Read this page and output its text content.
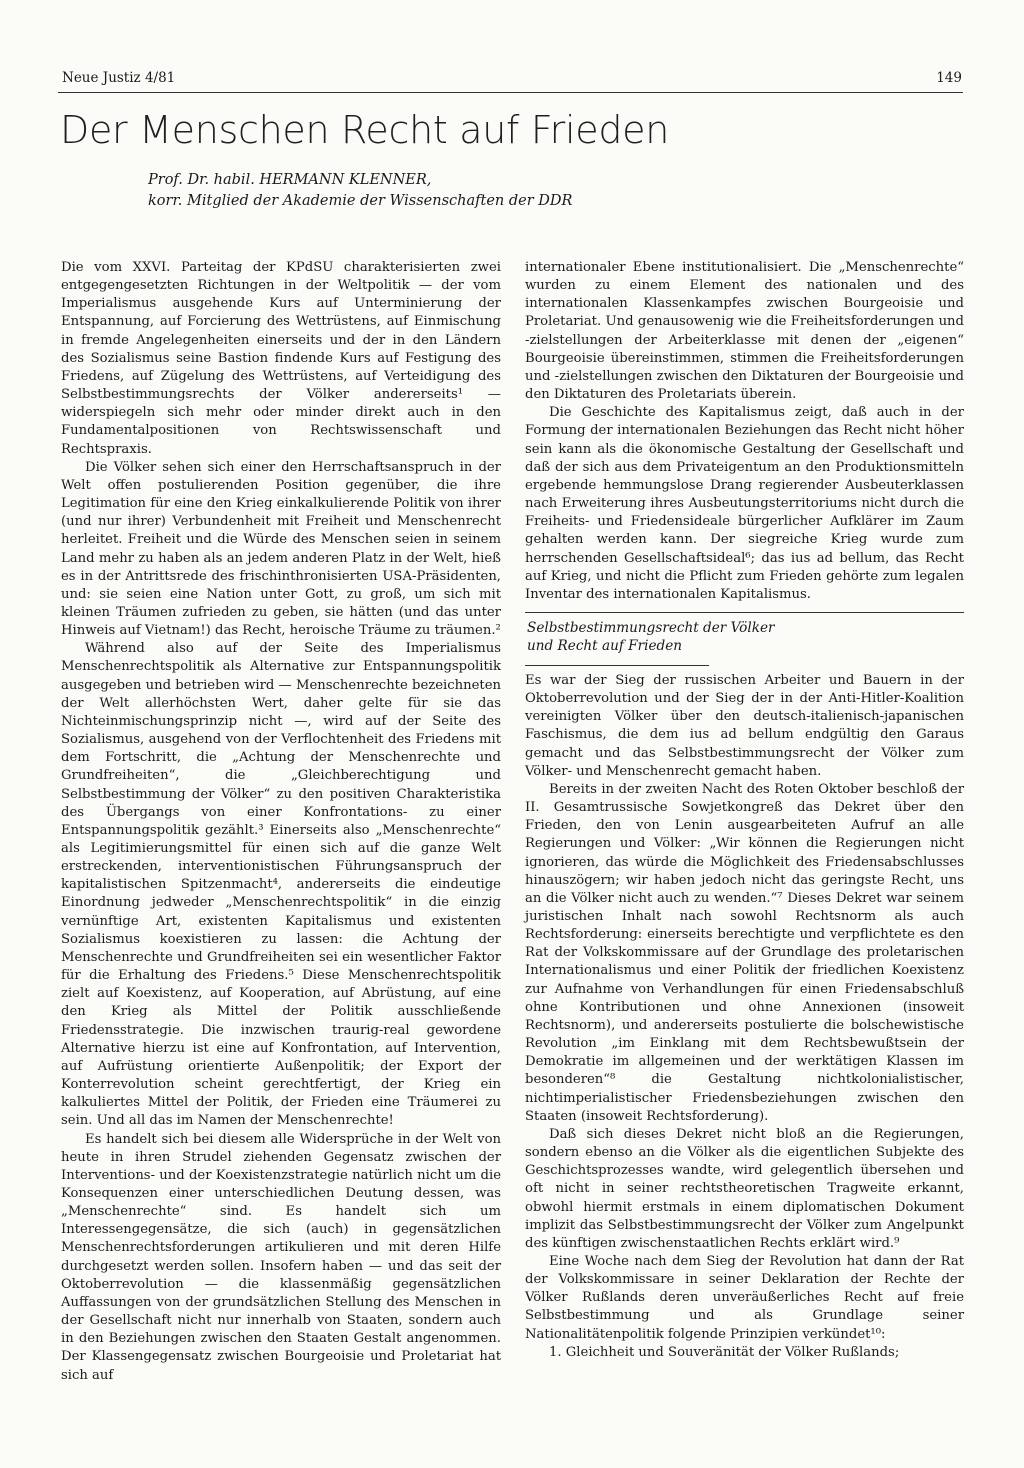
Neue Justiz 4/81	149
Der Menschen Recht auf Frieden
Prof. Dr. habil. HERMANN KLENNER,
korr. Mitglied der Akademie der Wissenschaften der DDR

Die vom XXVI. Parteitag der KPdSU charakterisierten zwei entgegengesetzten Richtungen in der Weltpolitik — der vom Imperialismus ausgehende Kurs auf Unterminierung der Entspannung, auf Forcierung des Wettrüstens, auf Einmischung in fremde Angelegenheiten einerseits und der in den Ländern des Sozialismus seine Bastion findende Kurs auf Festigung des Friedens, auf Zügelung des Wettrüstens, auf Verteidigung des Selbstbestimmungsrechts der Völker andererseits¹ — widerspiegeln sich mehr oder minder direkt auch in den Fundamentalpositionen von Rechtswissenschaft und Rechtspraxis.

Die Völker sehen sich einer den Herrschaftsanspruch in der Welt offen postulierenden Position gegenüber, die ihre Legitimation für eine den Krieg einkalkulierende Politik von ihrer (und nur ihrer) Verbundenheit mit Freiheit und Menschenrecht herleitet. Freiheit und die Würde des Menschen seien in seinem Land mehr zu haben als an jedem anderen Platz in der Welt, hieß es in der Antrittsrede des frischinthronisierten USA-Präsidenten, und: sie seien eine Nation unter Gott, zu groß, um sich mit kleinen Träumen zufrieden zu geben, sie hätten (und das unter Hinweis auf Vietnam!) das Recht, heroische Träume zu träumen.²

Während also auf der Seite des Imperialismus Menschenrechtspolitik als Alternative zur Entspannungspolitik ausgegeben und betrieben wird — Menschenrechte bezeichneten der Welt allerhöchsten Wert, daher gelte für sie das Nichteinmischungsprinzip nicht —, wird auf der Seite des Sozialismus, ausgehend von der Verflochtenheit des Friedens mit dem Fortschritt, die „Achtung der Menschenrechte und Grundfreiheiten“, die „Gleichberechtigung und Selbstbestimmung der Völker“ zu den positiven Charakteristika des Übergangs von einer Konfrontations- zu einer Entspannungspolitik gezählt.³ Einerseits also „Menschenrechte“ als Legitimierungsmittel für einen sich auf die ganze Welt erstreckenden, interventionistischen Führungsanspruch der kapitalistischen Spitzenmacht⁴, andererseits die eindeutige Einordnung jedweder „Menschenrechtspolitik“ in die einzig vernünftige Art, existenten Kapitalismus und existenten Sozialismus koexistieren zu lassen: die Achtung der Menschenrechte und Grundfreiheiten sei ein wesentlicher Faktor für die Erhaltung des Friedens.⁵ Diese Menschenrechtspolitik zielt auf Koexistenz, auf Kooperation, auf Abrüstung, auf eine den Krieg als Mittel der Politik ausschließende Friedensstrategie. Die inzwischen traurig-real gewordene Alternative hierzu ist eine auf Konfrontation, auf Intervention, auf Aufrüstung orientierte Außenpolitik; der Export der Konterrevolution scheint gerechtfertigt, der Krieg ein kalkuliertes Mittel der Politik, der Frieden eine Träumerei zu sein. Und all das im Namen der Menschenrechte!

Es handelt sich bei diesem alle Widersprüche in der Welt von heute in ihren Strudel ziehenden Gegensatz zwischen der Interventions- und der Koexistenzstrategie natürlich nicht um die Konsequenzen einer unterschiedlichen Deutung dessen, was „Menschenrechte“ sind. Es handelt sich um Interessengegensätze, die sich (auch) in gegensätzlichen Menschenrechtsforderungen artikulieren und mit deren Hilfe durchgesetzt werden sollen. Insofern haben — und das seit der Oktoberrevolution — die klassenmäßig gegensätzlichen Auffassungen von der grundsätzlichen Stellung des Menschen in der Gesellschaft nicht nur innerhalb von Staaten, sondern auch in den Beziehungen zwischen den Staaten Gestalt angenommen. Der Klassengegensatz zwischen Bourgeoisie und Proletariat hat sich auf

internationaler Ebene institutionalisiert. Die „Menschenrechte“ wurden zu einem Element des nationalen und des internationalen Klassenkampfes zwischen Bourgeoisie und Proletariat. Und genausowenig wie die Freiheitsforderungen und -zielstellungen der Arbeiterklasse mit denen der „eigenen“ Bourgeoisie übereinstimmen, stimmen die Freiheitsforderungen und -zielstellungen zwischen den Diktaturen der Bourgeoisie und den Diktaturen des Proletariats überein.

Die Geschichte des Kapitalismus zeigt, daß auch in der Formung der internationalen Beziehungen das Recht nicht höher sein kann als die ökonomische Gestaltung der Gesellschaft und daß der sich aus dem Privateigentum an den Produktionsmitteln ergebende hemmungslose Drang regierender Ausbeuterklassen nach Erweiterung ihres Ausbeutungsterritoriums nicht durch die Freiheits- und Friedensideale bürgerlicher Aufklärer im Zaum gehalten werden kann. Der siegreiche Krieg wurde zum herrschenden Gesellschaftsideal⁶; das ius ad bellum, das Recht auf Krieg, und nicht die Pflicht zum Frieden gehörte zum legalen Inventar des internationalen Kapitalismus.

Selbstbestimmungsrecht der Völker
und Recht auf Frieden

Es war der Sieg der russischen Arbeiter und Bauern in der Oktoberrevolution und der Sieg der in der Anti-Hitler-Koalition vereinigten Völker über den deutsch-italienisch-japanischen Faschismus, die dem ius ad bellum endgültig den Garaus gemacht und das Selbstbestimmungsrecht der Völker zum Völker- und Menschenrecht gemacht haben.

Bereits in der zweiten Nacht des Roten Oktober beschloß der II. Gesamtrussische Sowjetkongreß das Dekret über den Frieden, den von Lenin ausgearbeiteten Aufruf an alle Regierungen und Völker: „Wir können die Regierungen nicht ignorieren, das würde die Möglichkeit des Friedensabschlusses hinauszögern; wir haben jedoch nicht das geringste Recht, uns an die Völker nicht auch zu wenden.“⁷ Dieses Dekret war seinem juristischen Inhalt nach sowohl Rechtsnorm als auch Rechtsforderung: einerseits berechtigte und verpflichtete es den Rat der Volkskommissare auf der Grundlage des proletarischen Internationalismus und einer Politik der friedlichen Koexistenz zur Aufnahme von Verhandlungen für einen Friedensabschluß ohne Kontributionen und ohne Annexionen (insoweit Rechtsnorm), und andererseits postulierte die bolschewistische Revolution „im Einklang mit dem Rechtsbewußtsein der Demokratie im allgemeinen und der werktätigen Klassen im besonderen“⁸ die Gestaltung nichtkolonialistischer, nichtimperialistischer Friedensbeziehungen zwischen den Staaten (insoweit Rechtsforderung).

Daß sich dieses Dekret nicht bloß an die Regierungen, sondern ebenso an die Völker als die eigentlichen Subjekte des Geschichtsprozesses wandte, wird gelegentlich übersehen und oft nicht in seiner rechtstheoretischen Tragweite erkannt, obwohl hiermit erstmals in einem diplomatischen Dokument implizit das Selbstbestimmungsrecht der Völker zum Angelpunkt des künftigen zwischenstaatlichen Rechts erklärt wird.⁹

Eine Woche nach dem Sieg der Revolution hat dann der Rat der Volkskommissare in seiner Deklaration der Rechte der Völker Rußlands deren unveräußerliches Recht auf freie Selbstbestimmung und als Grundlage seiner Nationalitätenpolitik folgende Prinzipien verkündet¹⁰:

1. Gleichheit und Souveränität der Völker Rußlands;
